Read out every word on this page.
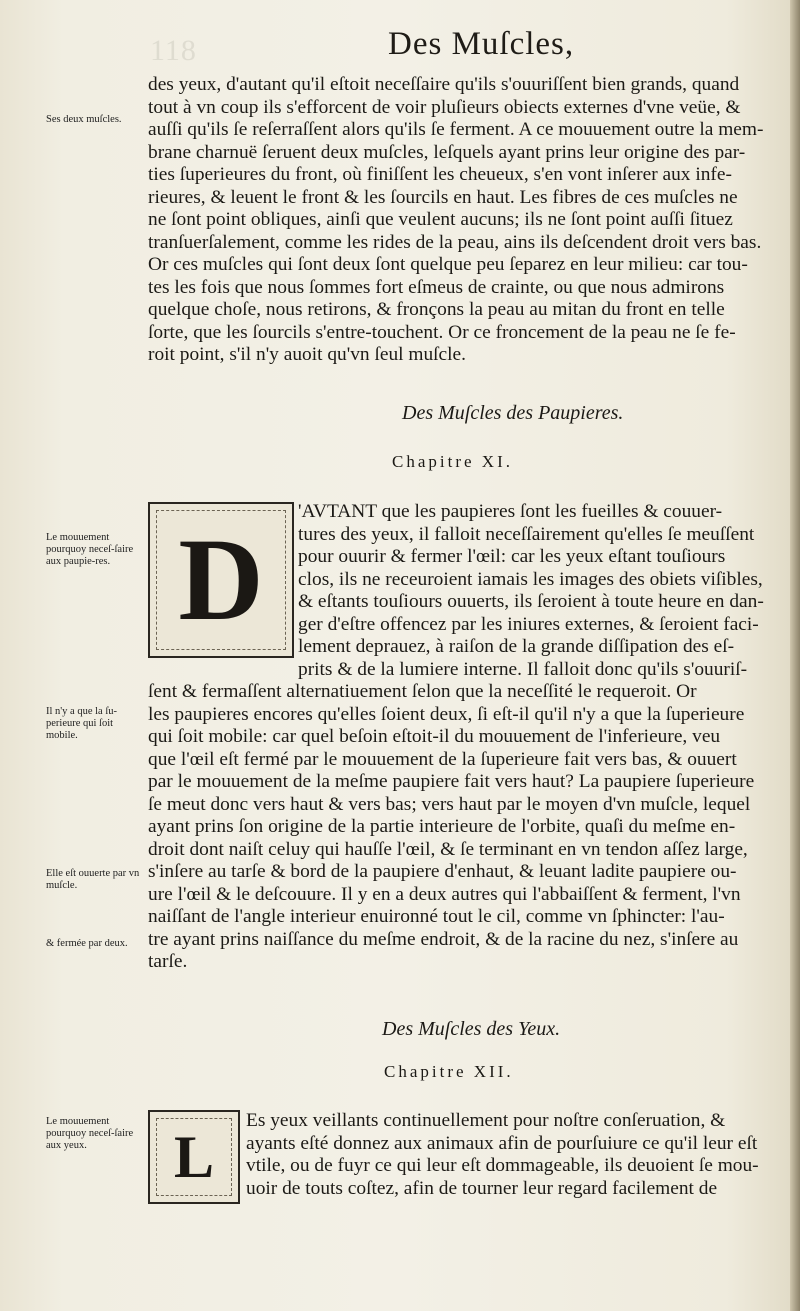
118	Des Muſcles,
des yeux, d'autant qu'il eſtoit neceſſaire qu'ils s'ouuriſſent bien grands, quand
tout à vn coup ils s'efforcent de voir pluſieurs obiects externes d'vne veüe, &
auſſi qu'ils ſe reſerraſſent alors qu'ils ſe ferment. A ce mouuement outre la mem-
brane charnuë ſeruent deux muſcles, leſquels ayant prins leur origine des par-
ties ſuperieures du front, où finiſſent les cheueux, s'en vont inſerer aux infe-
rieures, & leuent le front & les ſourcils en haut. Les fibres de ces muſcles ne
ne ſont point obliques, ainſi que veulent aucuns; ils ne ſont point auſſi ſituez
tranſuerſalement, comme les rides de la peau, ains ils deſcendent droit vers bas.
Or ces muſcles qui ſont deux ſont quelque peu ſeparez en leur milieu: car tou-
tes les fois que nous ſommes fort eſmeus de crainte, ou que nous admirons
quelque choſe, nous retirons, & fronçons la peau au mitan du front en telle
ſorte, que les ſourcils s'entre-touchent. Or ce froncement de la peau ne ſe fe-
roit point, s'il n'y auoit qu'vn ſeul muſcle.
Ses deux muſcles.
Des Muſcles des Paupieres.
Chapitre XI.
D
'AVTANT que les paupieres ſont les fueilles & couuer-
tures des yeux, il falloit neceſſairement qu'elles ſe meuſſent
pour ouurir & fermer l'œil: car les yeux eſtant touſiours
clos, ils ne receuroient iamais les images des obiets viſibles,
& eſtants touſiours ouuerts, ils ſeroient à toute heure en dan-
ger d'eſtre offencez par les iniures externes, & ſeroient faci-
lement deprauez, à raiſon de la grande diſſipation des eſ-
prits & de la lumiere interne. Il falloit donc qu'ils s'ouuriſ-
ſent & fermaſſent alternatiuement ſelon que la neceſſité le requeroit. Or
les paupieres encores qu'elles ſoient deux, ſi eſt-il qu'il n'y a que la ſuperieure
qui ſoit mobile: car quel beſoin eſtoit-il du mouuement de l'inferieure, veu
que l'œil eſt fermé par le mouuement de la ſuperieure fait vers bas, & ouuert
par le mouuement de la meſme paupiere fait vers haut? La paupiere ſuperieure
ſe meut donc vers haut & vers bas; vers haut par le moyen d'vn muſcle, lequel
ayant prins ſon origine de la partie interieure de l'orbite, quaſi du meſme en-
droit dont naiſt celuy qui hauſſe l'œil, & ſe terminant en vn tendon aſſez large,
s'inſere au tarſe & bord de la paupiere d'enhaut, & leuant ladite paupiere ou-
ure l'œil & le deſcouure. Il y en a deux autres qui l'abbaiſſent & ferment, l'vn
naiſſant de l'angle interieur enuironné tout le cil, comme vn ſphincter: l'au-
tre ayant prins naiſſance du meſme endroit, & de la racine du nez, s'inſere au
tarſe.
Le mouuement pourquoy neceſ-ſaire aux paupie-res.
Il n'y a que la ſu-perieure qui ſoit mobile.
Elle eſt ouuerte par vn muſcle.
& fermée par deux.
Des Muſcles des Yeux.
Chapitre XII.
L
Es yeux veillants continuellement pour noſtre conſeruation, &
ayants eſté donnez aux animaux afin de pourſuiure ce qu'il leur eſt
vtile, ou de fuyr ce qui leur eſt dommageable, ils deuoient ſe mou-
uoir de touts coſtez, afin de tourner leur regard facilement de
Le mouuement pourquoy neceſ-ſaire aux yeux.
